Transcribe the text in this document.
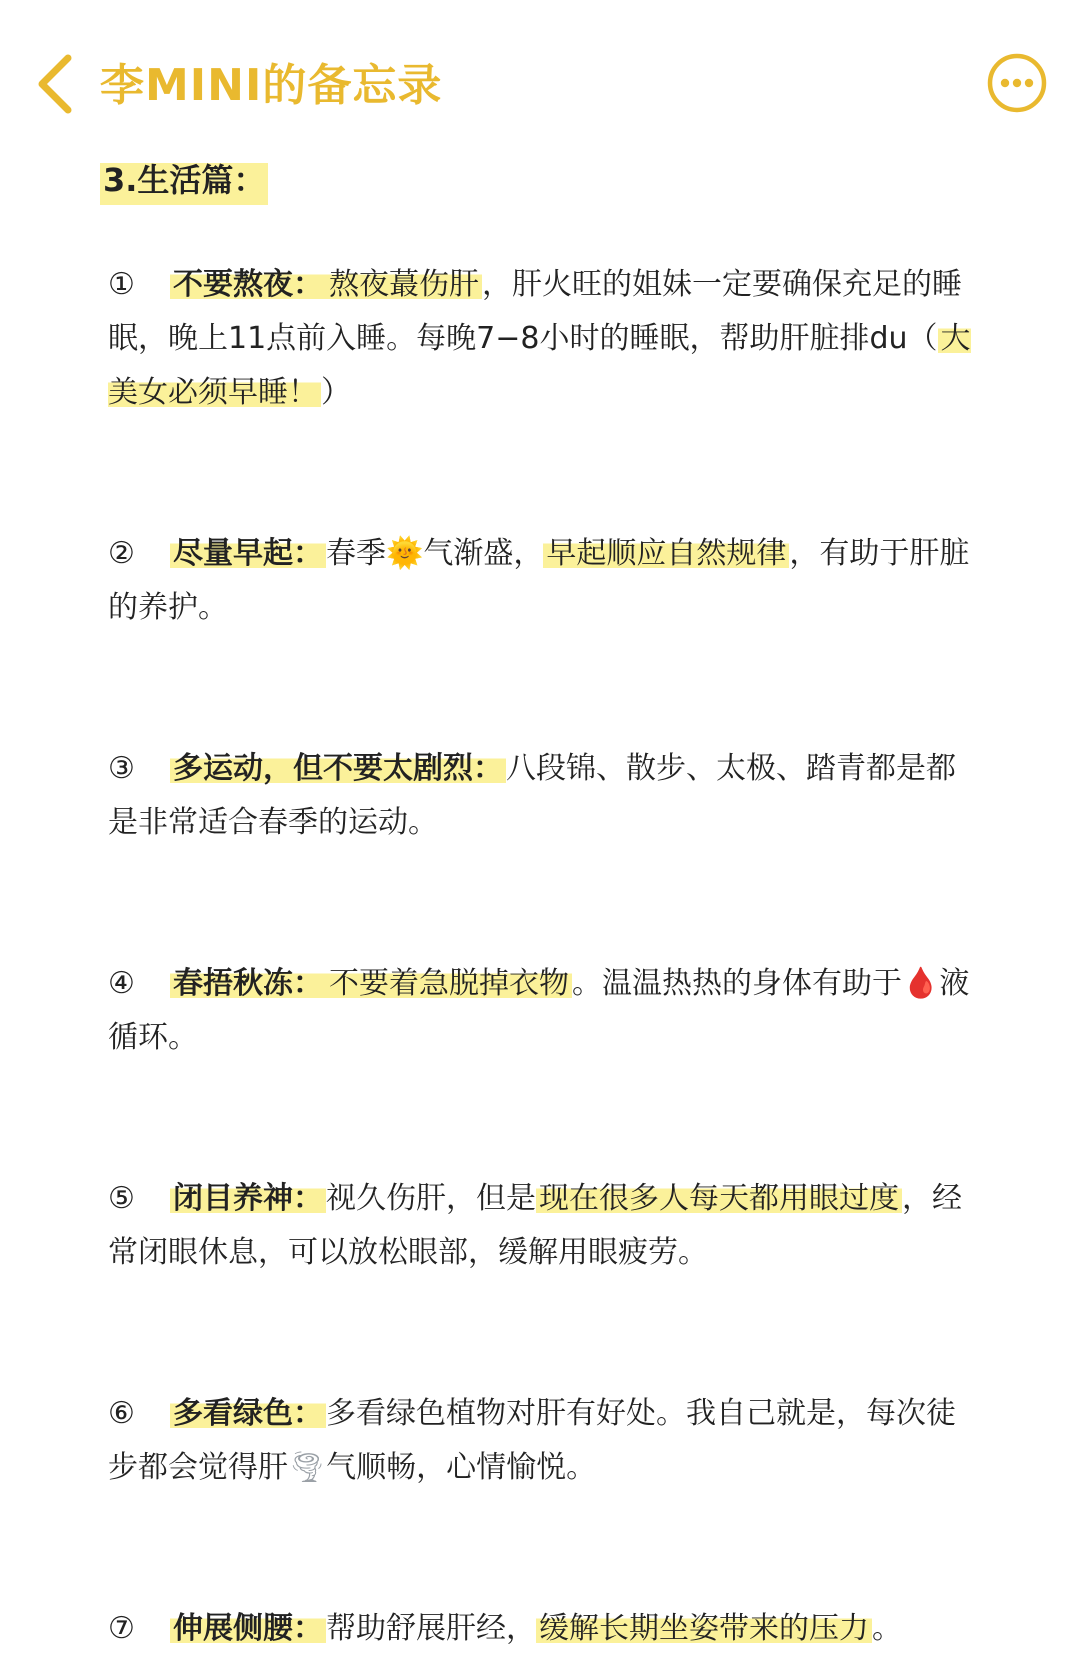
李MINI的备忘录
3.生活篇：
① 不要熬夜： 熬夜蕞伤肝 ，肝火旺的姐妹一定要确保充足的睡眠，晚上11点前入睡。每晚7−8小时的睡眠，帮助肝脏排du（ 大美女必须早睡！ ）
② 尽量早起： 春季🌞气渐盛， 早起顺应自然规律 ，有助于肝脏的养护。
③ 多运动，但不要太剧烈： 八段锦、散步、太极、踏青都是都是非常适合春季的运动。
④ 春捂秋冻： 不要着急脱掉衣物 。温温热热的身体有助于🩸液循环。
⑤ 闭目养神： 视久伤肝，但是 现在很多人每天都用眼过度 ，经常闭眼休息，可以放松眼部，缓解用眼疲劳。
⑥ 多看绿色： 多看绿色植物对肝有好处。我自己就是，每次徒步都会觉得肝🌪气顺畅，心情愉悦。
⑦ 伸展侧腰： 帮助舒展肝经， 缓解长期坐姿带来的压力 。
